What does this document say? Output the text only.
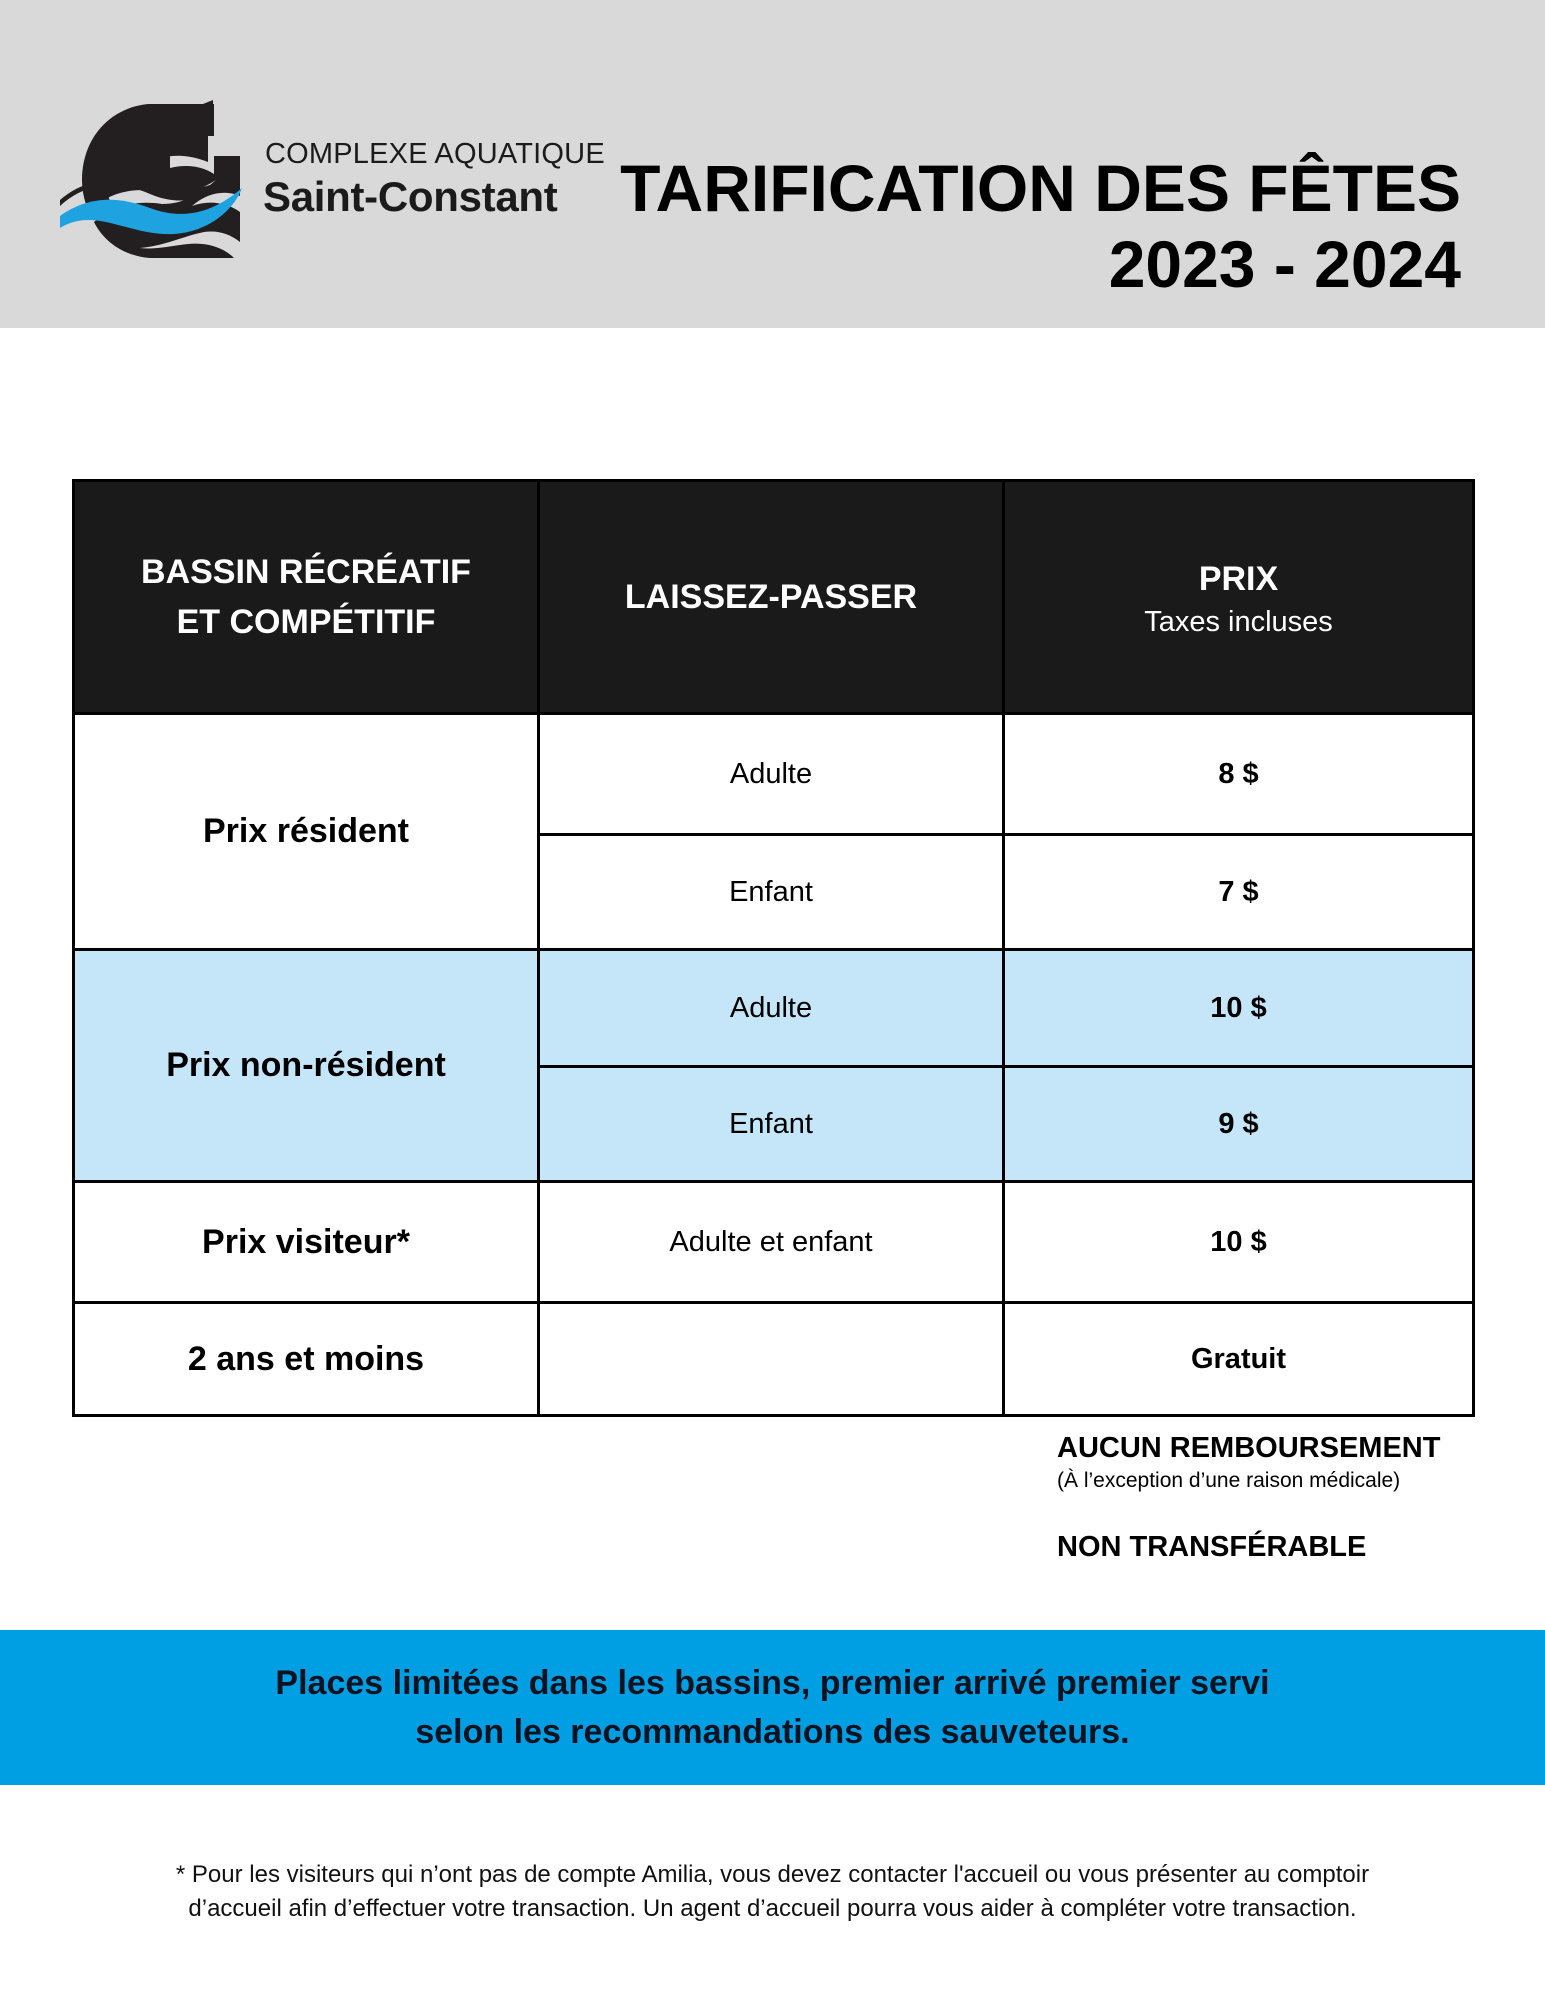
COMPLEXE AQUATIQUE
Saint-Constant TARIFICATION DES FÊTES
2023 - 2024
BASSIN RÉCRÉATIF
ET COMPÉTITIF	LAISSEZ-PASSER	PRIX
Taxes incluses

Prix résident	Adulte	8 $
	Enfant	7 $
Prix non-résident	Adulte	10 $
	Enfant	9 $
Prix visiteur*	Adulte et enfant	10 $
2 ans et moins		Gratuit
AUCUN REMBOURSEMENT
(À l’exception d’une raison médicale)
NON TRANSFÉRABLE
Places limitées dans les bassins, premier arrivé premier servi
selon les recommandations des sauveteurs.
* Pour les visiteurs qui n’ont pas de compte Amilia, vous devez contacter l'accueil ou vous présenter au comptoir
d’accueil afin d’effectuer votre transaction. Un agent d’accueil pourra vous aider à compléter votre transaction.
